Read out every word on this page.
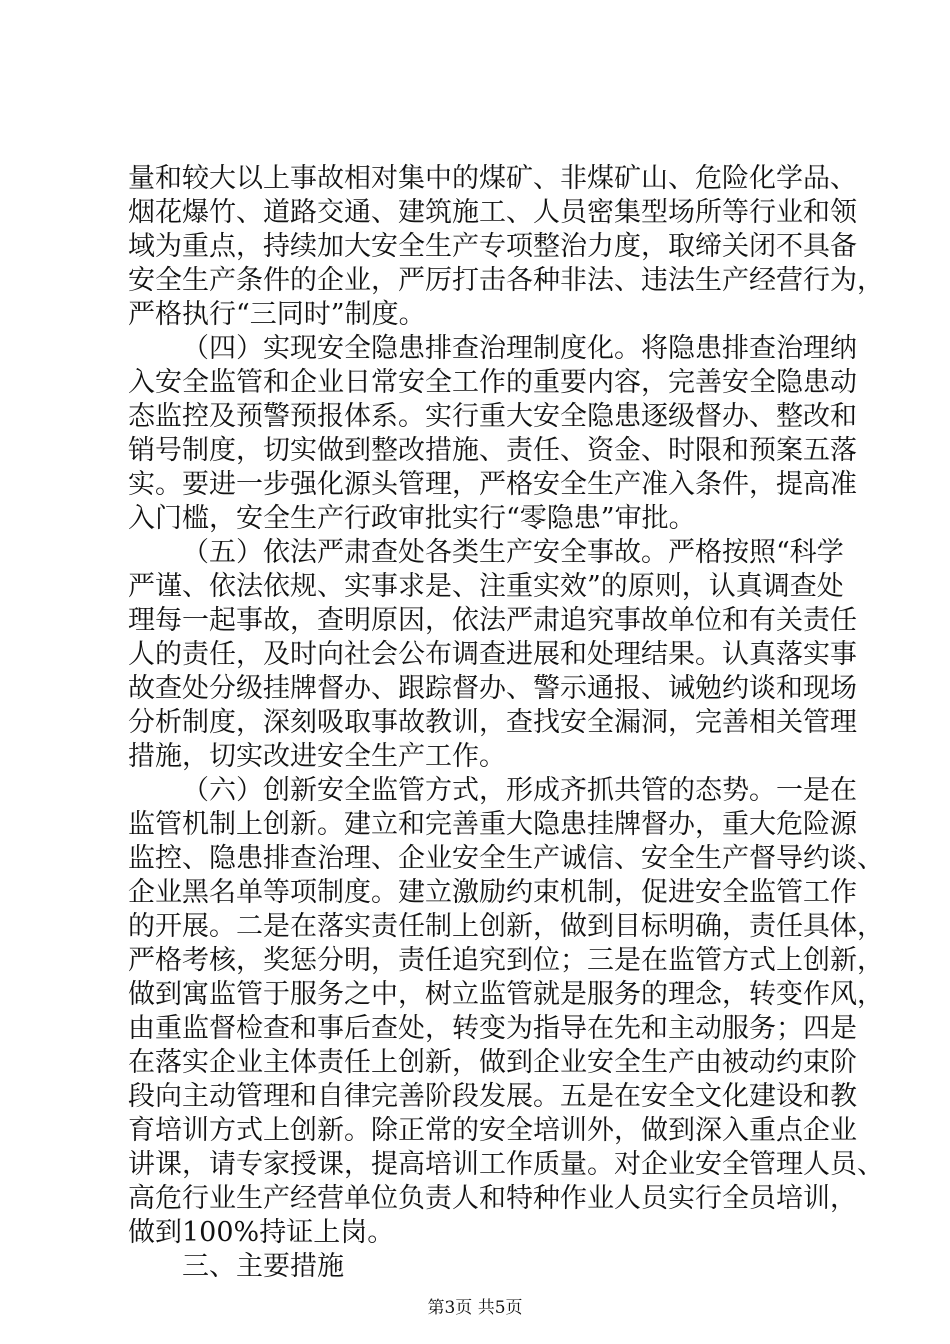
量和较大以上事故相对集中的煤矿、非煤矿山、危险化学品、
烟花爆竹、道路交通、建筑施工、人员密集型场所等行业和领
域为重点，持续加大安全生产专项整治力度，取缔关闭不具备
安全生产条件的企业，严厉打击各种非法、违法生产经营行为，
严格执行“三同时”制度。
（四）实现安全隐患排查治理制度化。将隐患排查治理纳
入安全监管和企业日常安全工作的重要内容，完善安全隐患动
态监控及预警预报体系。实行重大安全隐患逐级督办、整改和
销号制度，切实做到整改措施、责任、资金、时限和预案五落
实。要进一步强化源头管理，严格安全生产准入条件，提高准
入门槛，安全生产行政审批实行“零隐患”审批。
（五）依法严肃查处各类生产安全事故。严格按照“科学
严谨、依法依规、实事求是、注重实效”的原则，认真调查处
理每一起事故，查明原因，依法严肃追究事故单位和有关责任
人的责任，及时向社会公布调查进展和处理结果。认真落实事
故查处分级挂牌督办、跟踪督办、警示通报、诫勉约谈和现场
分析制度，深刻吸取事故教训，查找安全漏洞，完善相关管理
措施，切实改进安全生产工作。
（六）创新安全监管方式，形成齐抓共管的态势。一是在
监管机制上创新。建立和完善重大隐患挂牌督办，重大危险源
监控、隐患排查治理、企业安全生产诚信、安全生产督导约谈、
企业黑名单等项制度。建立激励约束机制，促进安全监管工作
的开展。二是在落实责任制上创新，做到目标明确，责任具体，
严格考核，奖惩分明，责任追究到位；三是在监管方式上创新，
做到寓监管于服务之中，树立监管就是服务的理念，转变作风，
由重监督检查和事后查处，转变为指导在先和主动服务；四是
在落实企业主体责任上创新，做到企业安全生产由被动约束阶
段向主动管理和自律完善阶段发展。五是在安全文化建设和教
育培训方式上创新。除正常的安全培训外，做到深入重点企业
讲课，请专家授课，提高培训工作质量。对企业安全管理人员、
高危行业生产经营单位负责人和特种作业人员实行全员培训，
做到100%持证上岗。
三、主要措施
第3页 共5页
